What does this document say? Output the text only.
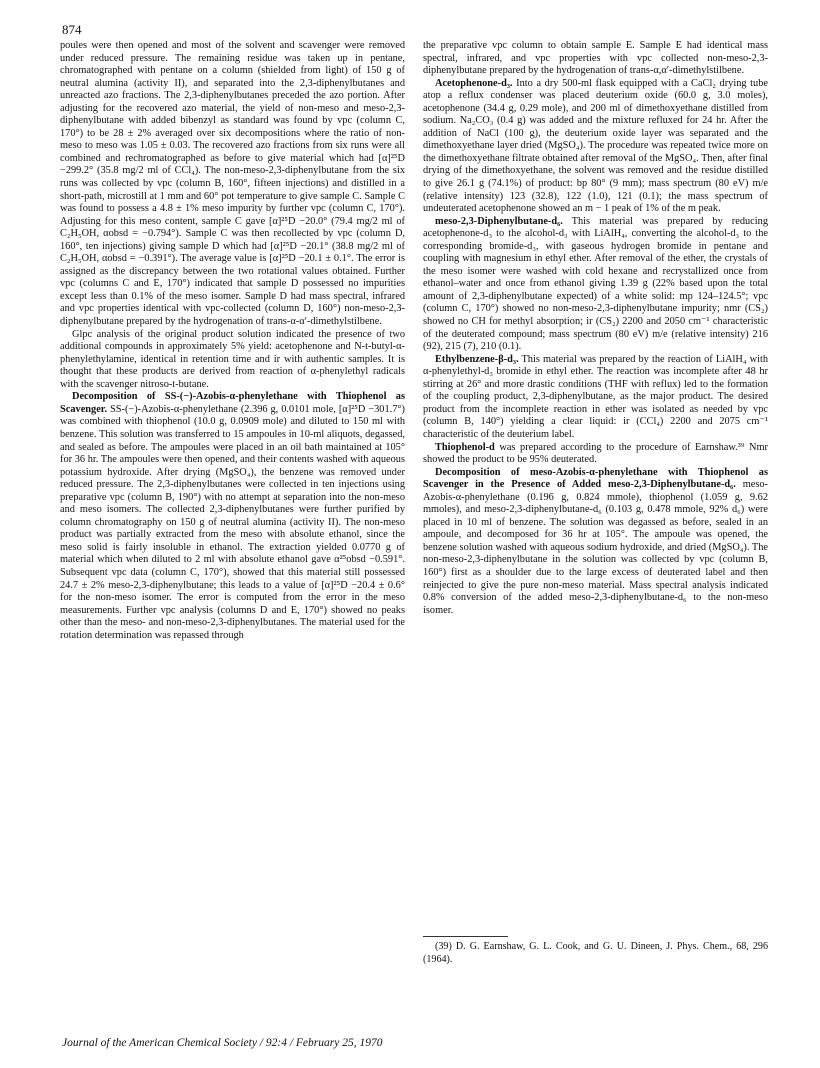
874

poules were then opened and most of the solvent and scavenger were removed under reduced pressure. The remaining residue was taken up in pentane, chromatographed with pentane on a column (shielded from light) of 150 g of neutral alumina (activity II), and separated into the 2,3-diphenylbutanes and unreacted azo fractions. The 2,3-diphenylbutanes preceded the azo portion. After adjusting for the recovered azo material, the yield of non-meso and meso-2,3-diphenylbutane with added bibenzyl as standard was found by vpc (column C, 170°) to be 28 ± 2% averaged over six decompositions where the ratio of non-meso to meso was 1.05 ± 0.03. The recovered azo fractions from six runs were all combined and rechromatographed as before to give material which had [α]²⁵D −299.2° (35.8 mg/2 ml of CCl₄). The non-meso-2,3-diphenylbutane from the six runs was collected by vpc (column B, 160°, fifteen injections) and distilled in a short-path, microstill at 1 mm and 60° pot temperature to give sample C. Sample C was found to possess a 4.8 ± 1% meso impurity by further vpc (column C, 170°). Adjusting for this meso content, sample C gave [α]²⁵D −20.0° (79.4 mg/2 ml of C₂H₅OH, αobsd = −0.794°). Sample C was then recollected by vpc (column D, 160°, ten injections) giving sample D which had [α]²⁵D −20.1° (38.8 mg/2 ml of C₂H₅OH, αobsd = −0.391°). The average value is [α]²⁵D −20.1 ± 0.1°. The error is assigned as the discrepancy between the two rotational values obtained. Further vpc (columns C and E, 170°) indicated that sample D possessed no impurities except less than 0.1% of the meso isomer. Sample D had mass spectral, infrared and vpc properties identical with vpc-collected (column D, 160°) non-meso-2,3-diphenylbutane prepared by the hydrogenation of trans-α-α′-dimethylstilbene.

Glpc analysis of the original product solution indicated the presence of two additional compounds in approximately 5% yield: acetophenone and N-t-butyl-α-phenylethylamine, identical in retention time and ir with authentic samples. It is thought that these products are derived from reaction of α-phenylethyl radicals with the scavenger nitroso-t-butane.

Decomposition of SS-(−)-Azobis-α-phenylethane with Thiophenol as Scavenger. SS-(−)-Azobis-α-phenylethane (2.396 g, 0.0101 mole, [α]²⁵D −301.7°) was combined with thiophenol (10.0 g, 0.0909 mole) and diluted to 150 ml with benzene. This solution was transferred to 15 ampoules in 10-ml aliquots, degassed, and sealed as before. The ampoules were placed in an oil bath maintained at 105° for 36 hr. The ampoules were then opened, and their contents washed with aqueous potassium hydroxide. After drying (MgSO₄), the benzene was removed under reduced pressure. The 2,3-diphenylbutanes were collected in ten injections using preparative vpc (column B, 190°) with no attempt at separation into the non-meso and meso isomers. The collected 2,3-diphenylbutanes were further purified by column chromatography on 150 g of neutral alumina (activity II). The non-meso product was partially extracted from the meso with absolute ethanol, since the meso solid is fairly insoluble in ethanol. The extraction yielded 0.0770 g of material which when diluted to 2 ml with absolute ethanol gave α²⁵obsd −0.591°. Subsequent vpc data (column C, 170°), showed that this material still possessed 24.7 ± 2% meso-2,3-diphenylbutane; this leads to a value of [α]²⁵D −20.4 ± 0.6° for the non-meso isomer. The error is computed from the error in the meso measurements. Further vpc analysis (columns D and E, 170°) showed no peaks other than the meso- and non-meso-2,3-diphenylbutanes. The material used for the rotation determination was repassed through

the preparative vpc column to obtain sample E. Sample E had identical mass spectral, infrared, and vpc properties with vpc collected non-meso-2,3-diphenylbutane prepared by the hydrogenation of trans-α,α′-dimethylstilbene.

Acetophenone-d₃. Into a dry 500-ml flask equipped with a CaCl₂ drying tube atop a reflux condenser was placed deuterium oxide (60.0 g, 3.0 moles), acetophenone (34.4 g, 0.29 mole), and 200 ml of dimethoxyethane distilled from sodium. Na₂CO₃ (0.4 g) was added and the mixture refluxed for 24 hr. After the addition of NaCl (100 g), the deuterium oxide layer was separated and the dimethoxyethane layer dried (MgSO₄). The procedure was repeated twice more on the dimethoxyethane filtrate obtained after removal of the MgSO₄. Then, after final drying of the dimethoxyethane, the solvent was removed and the residue distilled to give 26.1 g (74.1%) of product: bp 80° (9 mm); mass spectrum (80 eV) m/e (relative intensity) 123 (32.8), 122 (1.0), 121 (0.1); the mass spectrum of undeuterated acetophenone showed an m − 1 peak of 1% of the m peak.

meso-2,3-Diphenylbutane-d₆. This material was prepared by reducing acetophenone-d₃ to the alcohol-d₃ with LiAlH₄, converting the alcohol-d₃ to the corresponding bromide-d₃, with gaseous hydrogen bromide in pentane and coupling with magnesium in ethyl ether. After removal of the ether, the crystals of the meso isomer were washed with cold hexane and recrystallized once from ethanol–water and once from ethanol giving 1.39 g (22% based upon the total amount of 2,3-diphenylbutane expected) of a white solid: mp 124–124.5°; vpc (column C, 170°) showed no non-meso-2,3-diphenylbutane impurity; nmr (CS₂) showed no CH for methyl absorption; ir (CS₂) 2200 and 2050 cm⁻¹ characteristic of the deuterated compound; mass spectrum (80 eV) m/e (relative intensity) 216 (92), 215 (7), 210 (0.1).

Ethylbenzene-β-d₃. This material was prepared by the reaction of LiAlH₄ with α-phenylethyl-d₃ bromide in ethyl ether. The reaction was incomplete after 48 hr stirring at 26° and more drastic conditions (THF with reflux) led to the formation of the coupling product, 2,3-diphenylbutane, as the major product. The desired product from the incomplete reaction in ether was isolated as needed by vpc (column B, 140°) yielding a clear liquid: ir (CCl₄) 2200 and 2075 cm⁻¹ characteristic of the deuterium label.

Thiophenol-d was prepared according to the procedure of Earnshaw.³⁹ Nmr showed the product to be 95% deuterated.

Decomposition of meso-Azobis-α-phenylethane with Thiophenol as Scavenger in the Presence of Added meso-2,3-Diphenylbutane-d₆. meso-Azobis-α-phenylethane (0.196 g, 0.824 mmole), thiophenol (1.059 g, 9.62 mmoles), and meso-2,3-diphenylbutane-d₆ (0.103 g, 0.478 mmole, 92% d₆) were placed in 10 ml of benzene. The solution was degassed as before, sealed in an ampoule, and decomposed for 36 hr at 105°. The ampoule was opened, the benzene solution washed with aqueous sodium hydroxide, and dried (MgSO₄). The non-meso-2,3-diphenylbutane in the solution was collected by vpc (column B, 160°) first as a shoulder due to the large excess of deuterated label and then reinjected to give the pure non-meso material. Mass spectral analysis indicated 0.8% conversion of the added meso-2,3-diphenylbutane-d₆ to the non-meso isomer.

(39) D. G. Earnshaw, G. L. Cook, and G. U. Dineen, J. Phys. Chem., 68, 296 (1964).
Journal of the American Chemical Society / 92:4 / February 25, 1970
